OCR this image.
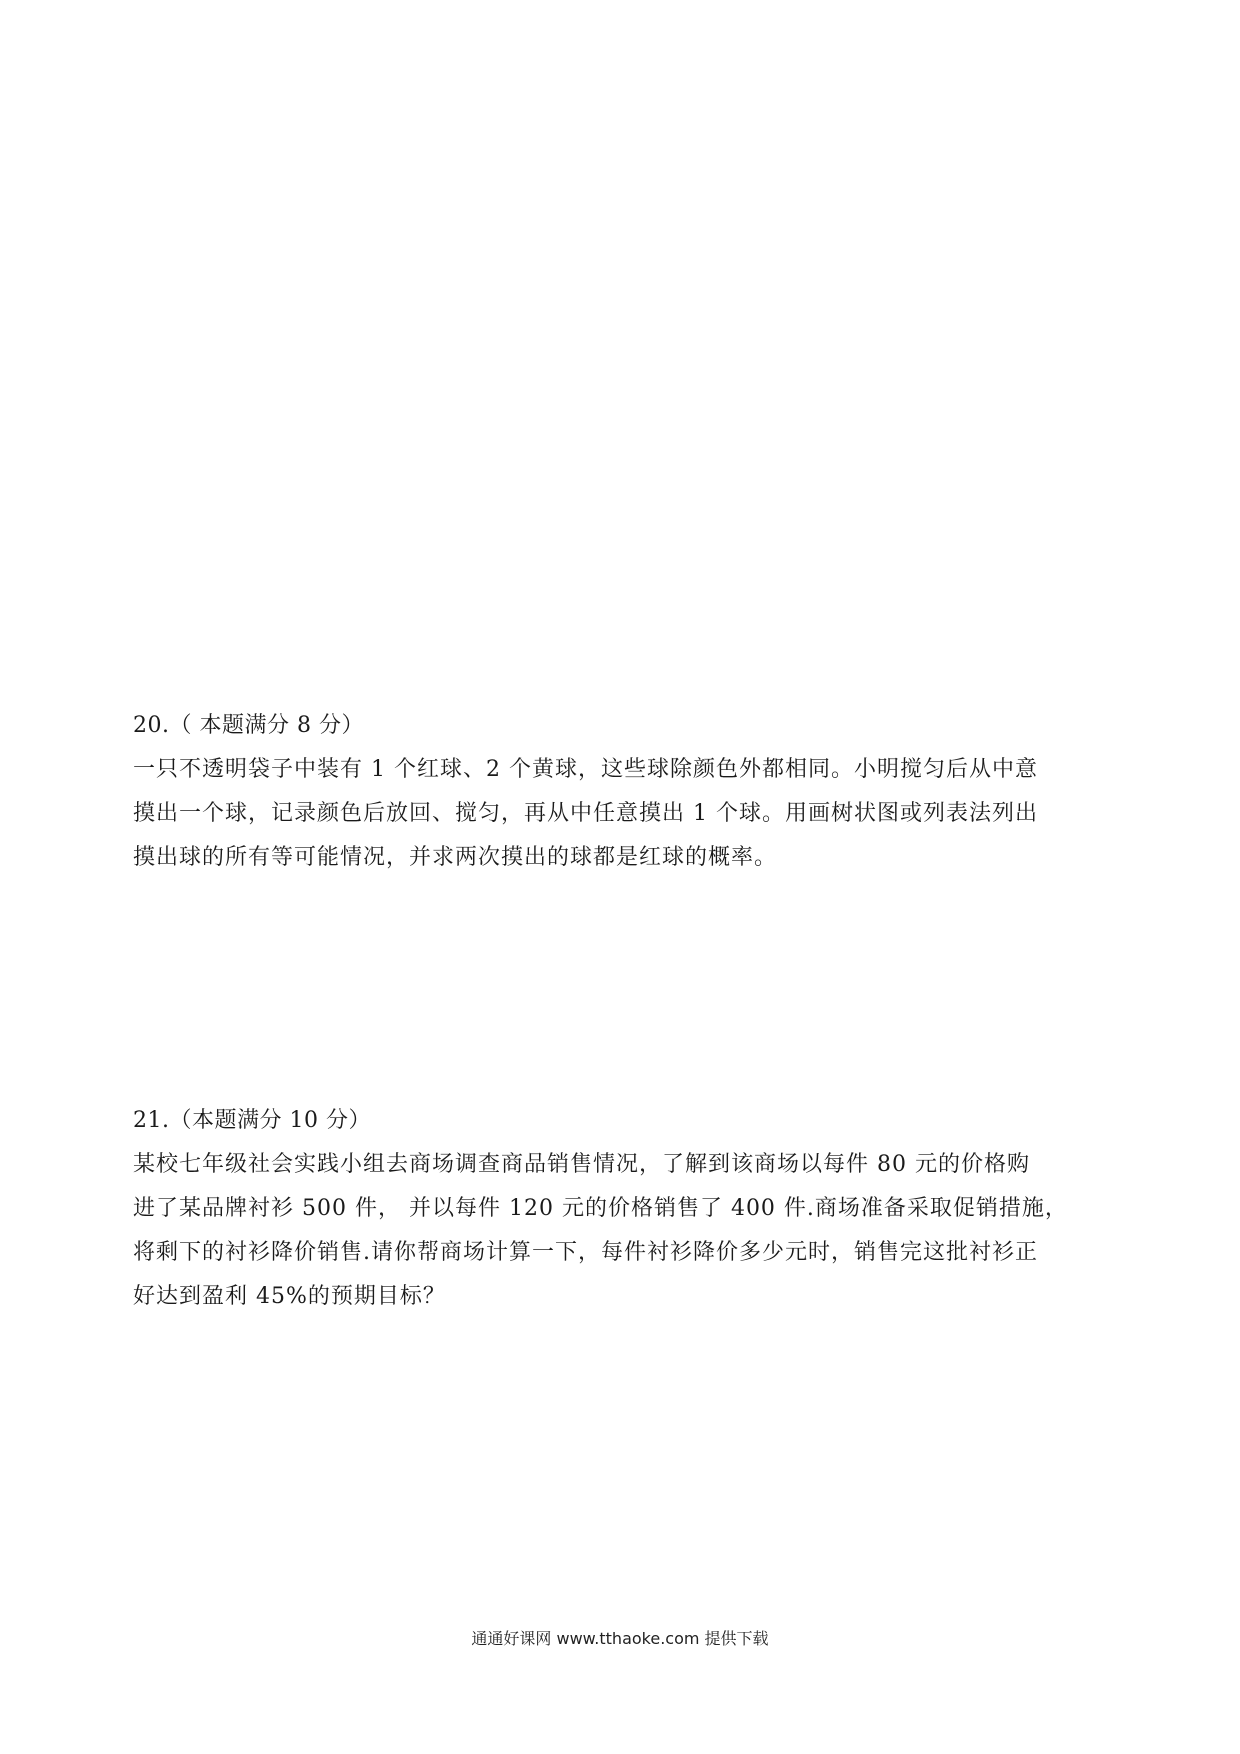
20.（ 本题满分 8 分）
一只不透明袋子中装有 1 个红球、2 个黄球，这些球除颜色外都相同。小明搅匀后从中意
摸出一个球，记录颜色后放回、搅匀，再从中任意摸出 1 个球。用画树状图或列表法列出
摸出球的所有等可能情况，并求两次摸出的球都是红球的概率。
21.（本题满分 10 分）
某校七年级社会实践小组去商场调查商品销售情况，了解到该商场以每件 80 元的价格购
进了某品牌衬衫 500 件， 并以每件 120 元的价格销售了 400 件.商场准备采取促销措施，
将剩下的衬衫降价销售.请你帮商场计算一下，每件衬衫降价多少元时，销售完这批衬衫正
好达到盈利 45%的预期目标？
通通好课网 www.tthaoke.com 提供下载
